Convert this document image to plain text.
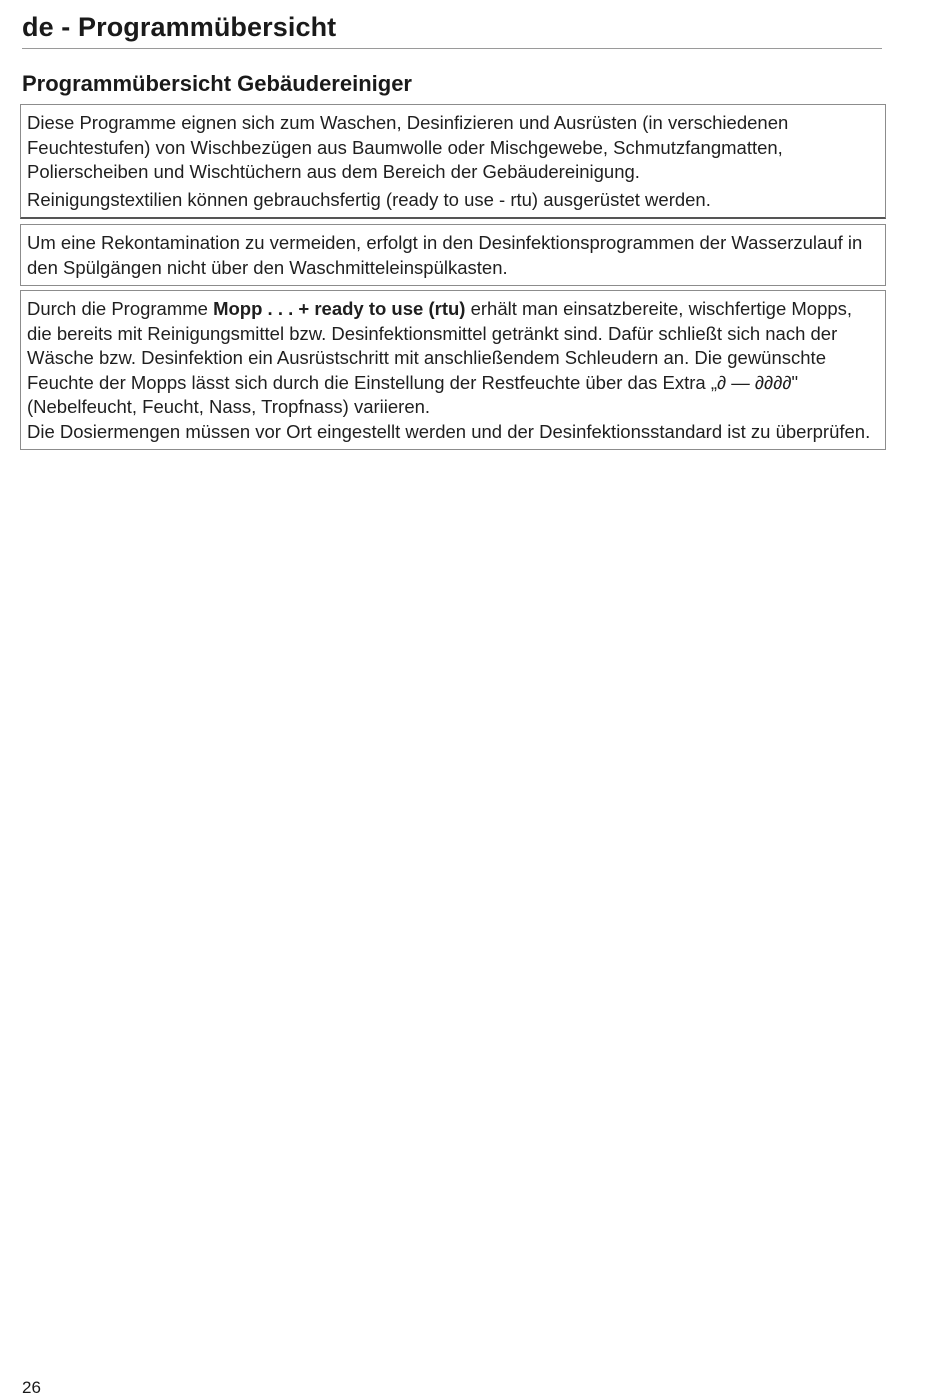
de - Programmübersicht
Programmübersicht Gebäudereiniger

Diese Programme eignen sich zum Waschen, Desinfizieren und Ausrüsten (in verschiedenen Feuchtestufen) von Wischbezügen aus Baumwolle oder Mischgewebe, Schmutzfangmatten, Polierscheiben und Wischtüchern aus dem Bereich der Gebäudereinigung.

Reinigungstextilien können gebrauchsfertig (ready to use - rtu) ausgerüstet werden.

Um eine Rekontamination zu vermeiden, erfolgt in den Desinfektionsprogrammen der Wasserzulauf in den Spülgängen nicht über den Waschmitteleinspülkasten.

Durch die Programme Mopp . . . + ready to use (rtu) erhält man einsatzbereite, wischfertige Mopps, die bereits mit Reinigungsmittel bzw. Desinfektionsmittel getränkt sind. Dafür schließt sich nach der Wäsche bzw. Desinfektion ein Ausrüstschritt mit anschließendem Schleudern an. Die gewünschte Feuchte der Mopps lässt sich durch die Einstellung der Restfeuchte über das Extra „∂ — ∂∂∂∂" (Nebelfeucht, Feucht, Nass, Tropfnass) variieren.

Die Dosiermengen müssen vor Ort eingestellt werden und der Desinfektionsstandard ist zu überprüfen.

26
